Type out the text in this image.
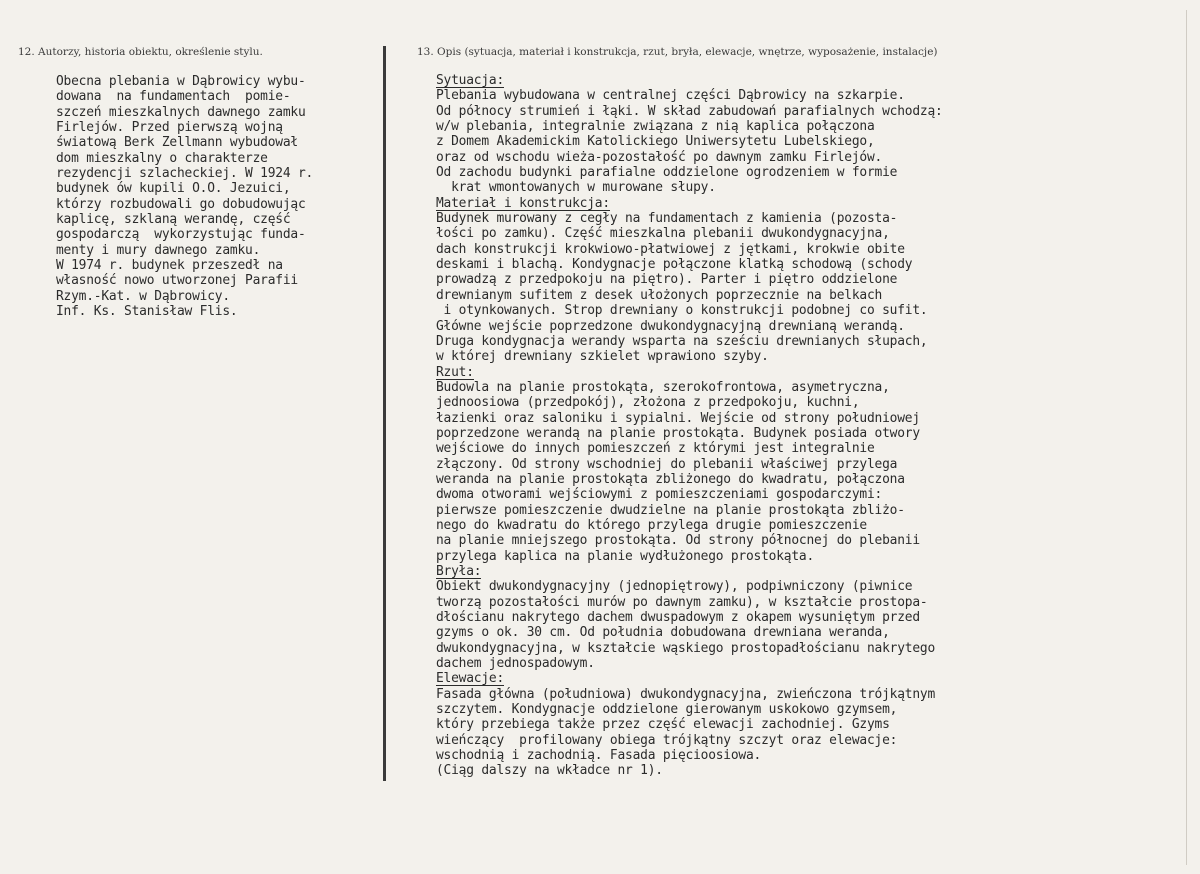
12. Autorzy, historia obiektu, określenie stylu.	13. Opis (sytuacja, materiał i konstrukcja, rzut, bryła, elewacje, wnętrze, wyposażenie, instalacje)
Obecna plebania w Dąbrowicy wybu-
dowana  na fundamentach  pomie-
szczeń mieszkalnych dawnego zamku
Firlejów. Przed pierwszą wojną
światową Berk Zellmann wybudował
dom mieszkalny o charakterze
rezydencji szlacheckiej. W 1924 r.
budynek ów kupili O.O. Jezuici,
którzy rozbudowali go dobudowując
kaplicę, szklaną werandę, część
gospodarczą  wykorzystując funda-
menty i mury dawnego zamku.
W 1974 r. budynek przeszedł na
własność nowo utworzonej Parafii
Rzym.-Kat. w Dąbrowicy.
Inf. Ks. Stanisław Flis.
Sytuacja:
Plebania wybudowana w centralnej części Dąbrowicy na szkarpie.
Od północy strumień i łąki. W skład zabudowań parafialnych wchodzą:
w/w plebania, integralnie związana z nią kaplica połączona
z Domem Akademickim Katolickiego Uniwersytetu Lubelskiego,
oraz od wschodu wieża-pozostałość po dawnym zamku Firlejów.
Od zachodu budynki parafialne oddzielone ogrodzeniem w formie
krat wmontowanych w murowane słupy.
Materiał i konstrukcja:
Budynek murowany z cegły na fundamentach z kamienia (pozosta-
łości po zamku). Część mieszkalna plebanii dwukondygnacyjna,
dach konstrukcji krokwiowo-płatwiowej z jętkami, krokwie obite
deskami i blachą. Kondygnacje połączone klatką schodową (schody
prowadzą z przedpokoju na piętro). Parter i piętro oddzielone
drewnianym sufitem z desek ułożonych poprzecznie na belkach
i otynkowanych. Strop drewniany o konstrukcji podobnej co sufit.
Główne wejście poprzedzone dwukondygnacyjną drewnianą werandą.
Druga kondygnacja werandy wsparta na sześciu drewnianych słupach,
w której drewniany szkielet wprawiono szyby.
Rzut:
Budowla na planie prostokąta, szerokofrontowa, asymetryczna,
jednoosiowa (przedpokój), złożona z przedpokoju, kuchni,
łazienki oraz saloniku i sypialni. Wejście od strony południowej
poprzedzone werandą na planie prostokąta. Budynek posiada otwory
wejściowe do innych pomieszczeń z którymi jest integralnie
złączony. Od strony wschodniej do plebanii właściwej przylega
weranda na planie prostokąta zbliżonego do kwadratu, połączona
dwoma otworami wejściowymi z pomieszczeniami gospodarczymi:
pierwsze pomieszczenie dwudzielne na planie prostokąta zbliżo-
nego do kwadratu do którego przylega drugie pomieszczenie
na planie mniejszego prostokąta. Od strony północnej do plebanii
przylega kaplica na planie wydłużonego prostokąta.
Bryła:
Obiekt dwukondygnacyjny (jednopiętrowy), podpiwniczony (piwnice
tworzą pozostałości murów po dawnym zamku), w kształcie prostopa-
dłościanu nakrytego dachem dwuspadowym z okapem wysuniętym przed
gzyms o ok. 30 cm. Od południa dobudowana drewniana weranda,
dwukondygnacyjna, w kształcie wąskiego prostopadłościanu nakrytego
dachem jednospadowym.
Elewacje:
Fasada główna (południowa) dwukondygnacyjna, zwieńczona trójkątnym
szczytem. Kondygnacje oddzielone gierowanym uskokowo gzymsem,
który przebiega także przez część elewacji zachodniej. Gzyms
wieńczący  profilowany obiega trójkątny szczyt oraz elewacje:
wschodnią i zachodnią. Fasada pięcioosiowa.
(Ciąg dalszy na wkładce nr 1).
